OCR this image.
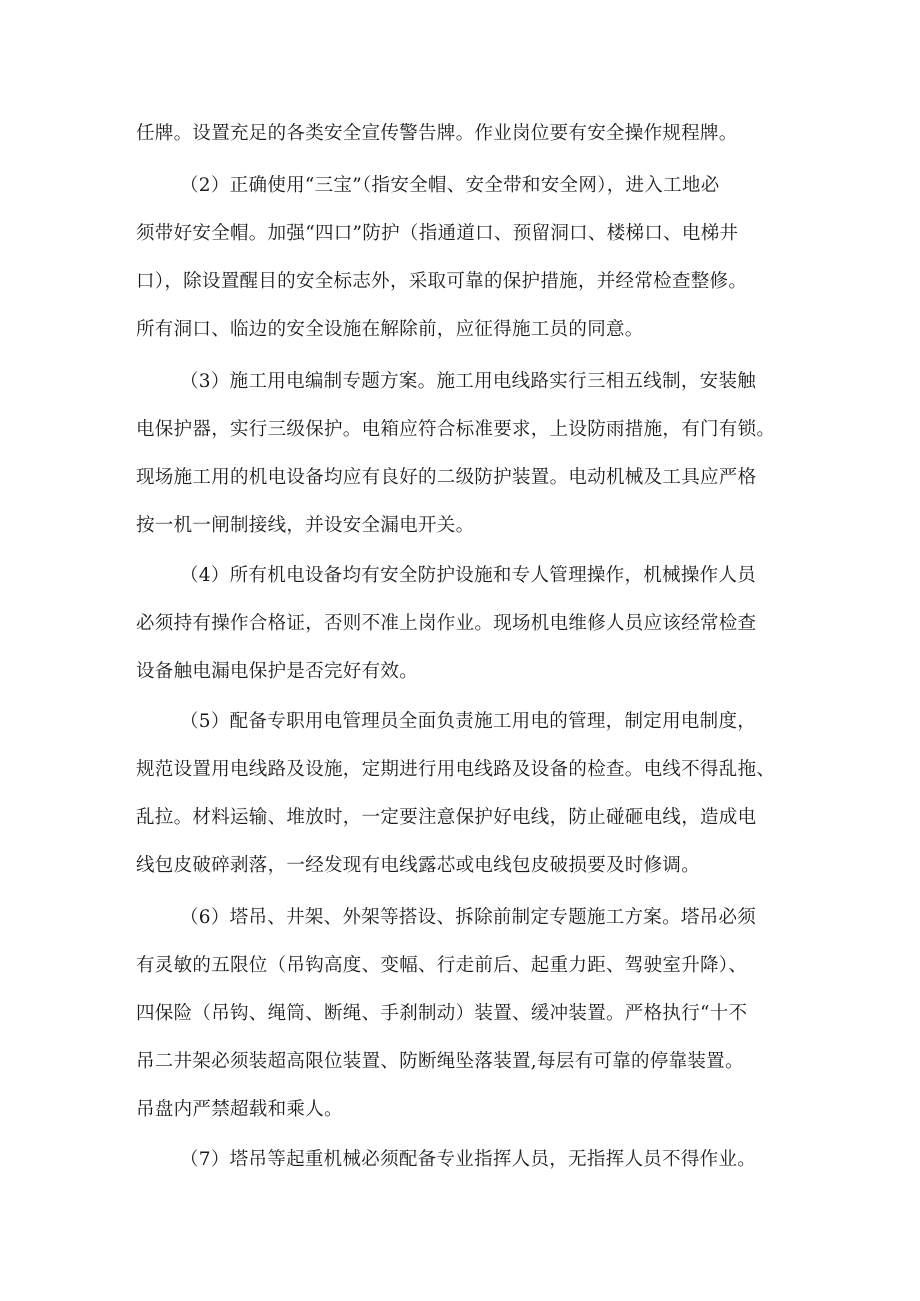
任牌。设置充足的各类安全宣传警告牌。作业岗位要有安全操作规程牌。
（2）正确使用“三宝”（指安全帽、安全带和安全网），进入工地必
须带好安全帽。加强“四口”防护（指通道口、预留洞口、楼梯口、电梯井
口），除设置醒目的安全标志外，采取可靠的保护措施，并经常检查整修。
所有洞口、临边的安全设施在解除前，应征得施工员的同意。
（3）施工用电编制专题方案。施工用电线路实行三相五线制，安装触
电保护器，实行三级保护。电箱应符合标准要求，上设防雨措施，有门有锁。
现场施工用的机电设备均应有良好的二级防护装置。电动机械及工具应严格
按一机一闸制接线，并设安全漏电开关。
（4）所有机电设备均有安全防护设施和专人管理操作，机械操作人员
必须持有操作合格证，否则不准上岗作业。现场机电维修人员应该经常检查
设备触电漏电保护是否完好有效。
（5）配备专职用电管理员全面负责施工用电的管理，制定用电制度，
规范设置用电线路及设施，定期进行用电线路及设备的检查。电线不得乱拖、
乱拉。材料运输、堆放时，一定要注意保护好电线，防止碰砸电线，造成电
线包皮破碎剥落，一经发现有电线露芯或电线包皮破损要及时修调。
（6）塔吊、井架、外架等搭设、拆除前制定专题施工方案。塔吊必须
有灵敏的五限位（吊钩高度、变幅、行走前后、起重力距、驾驶室升降）、
四保险（吊钩、绳筒、断绳、手刹制动）装置、缓冲装置。严格执行“十不
吊二井架必须装超高限位装置、防断绳坠落装置,每层有可靠的停靠装置。
吊盘内严禁超载和乘人。
（7）塔吊等起重机械必须配备专业指挥人员，无指挥人员不得作业。
